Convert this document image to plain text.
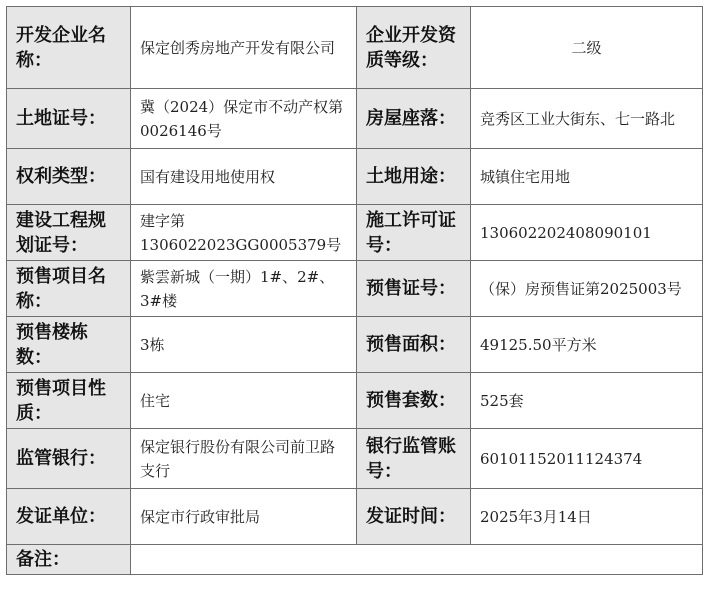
开发企业名称：	保定创秀房地产开发有限公司	企业开发资质等级：	二级
土地证号：	冀（2024）保定市不动产权第0026146号	房屋座落：	竞秀区工业大街东、七一路北
权利类型：	国有建设用地使用权	土地用途：	城镇住宅用地
建设工程规划证号：	建字第1306022023GG0005379号	施工许可证号：	130602202408090101
预售项目名称：	紫雲新城（一期）1#、2#、3#楼	预售证号：	（保）房预售证第2025003号
预售楼栋数：	3栋	预售面积：	49125.50平方米
预售项目性质：	住宅	预售套数：	525套
监管银行：	保定银行股份有限公司前卫路支行	银行监管账号：	60101152011124374
发证单位：	保定市行政审批局	发证时间：	2025年3月14日
备注：			
